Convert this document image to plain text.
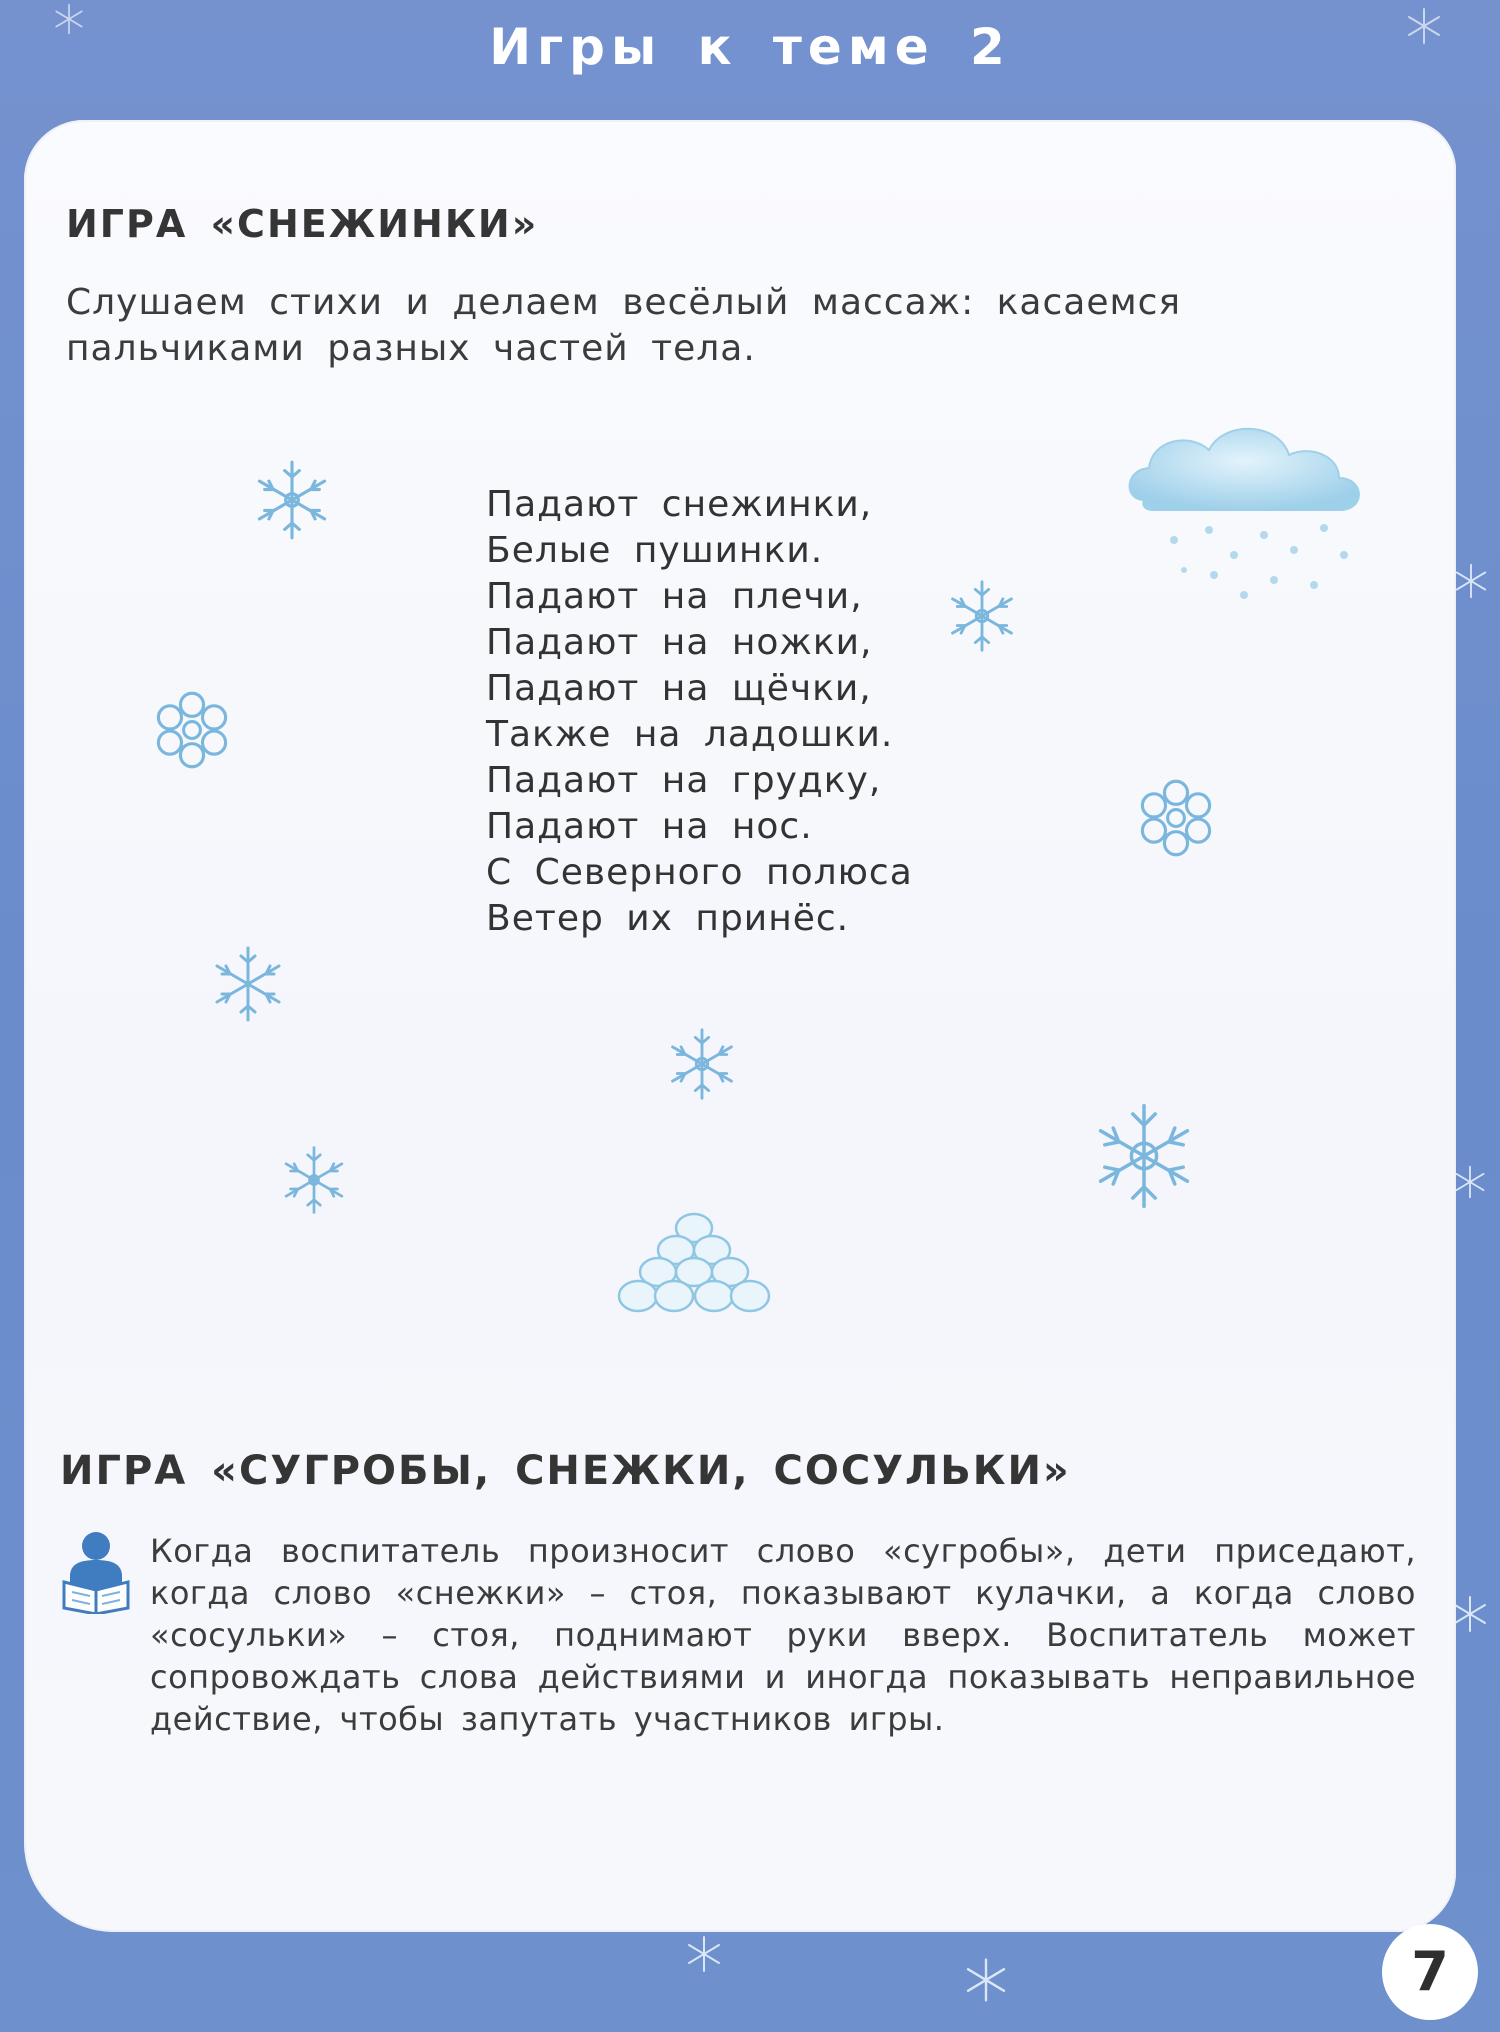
Игры к теме 2
ИГРА «СНЕЖИНКИ»
Слушаем стихи и делаем весёлый массаж: касаемся пальчиками разных частей тела.
Падают снежинки,
Белые пушинки.
Падают на плечи,
Падают на ножки,
Падают на щёчки,
Также на ладошки.
Падают на грудку,
Падают на нос.
С Северного полюса
Ветер их принёс.
ИГРА «СУГРОБЫ, СНЕЖКИ, СОСУЛЬКИ»
Когда воспитатель произносит слово «сугробы», дети приседают, когда слово «снежки» – стоя, показывают кулачки, а когда слово «сосульки» – стоя, поднимают руки вверх. Воспитатель может сопровождать слова действиями и иногда показывать неправильное действие, чтобы запутать участников игры.
7
